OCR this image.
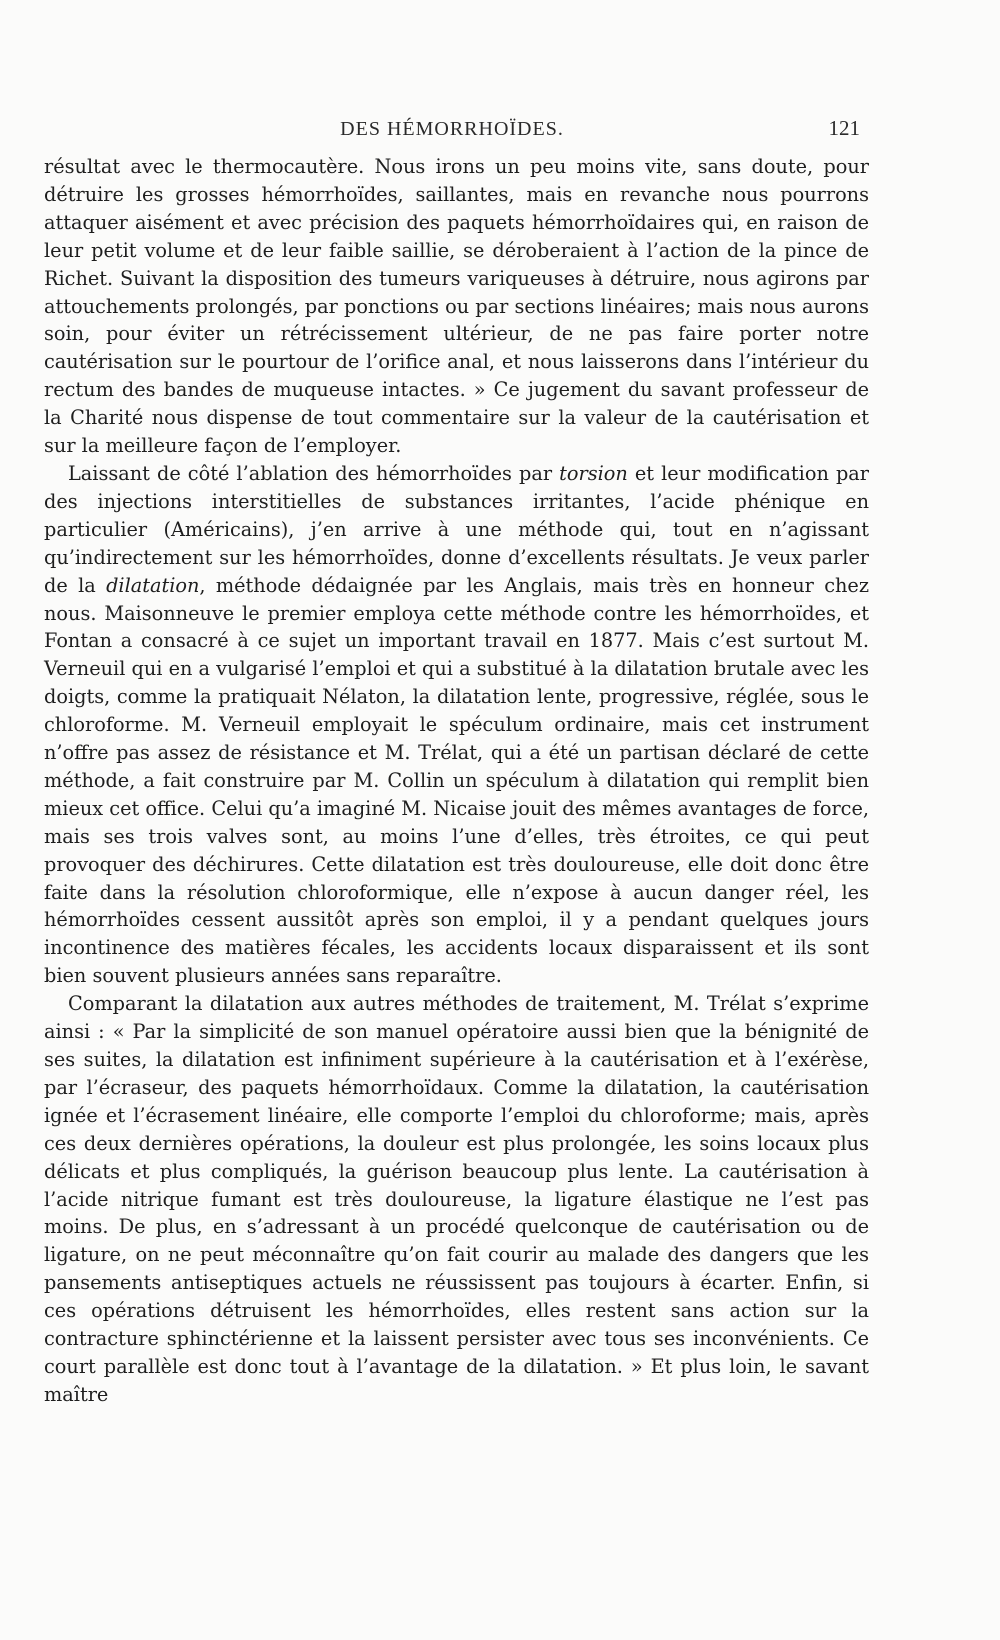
DES HÉMORRHOÏDES.	121

résultat avec le thermocautère. Nous irons un peu moins vite, sans doute, pour détruire les grosses hémorrhoïdes, saillantes, mais en revanche nous pourrons attaquer aisément et avec précision des paquets hémorrhoïdaires qui, en raison de leur petit volume et de leur faible saillie, se déroberaient à l’action de la pince de Richet. Suivant la disposition des tumeurs variqueuses à détruire, nous agirons par attouchements prolongés, par ponctions ou par sections linéaires; mais nous aurons soin, pour éviter un rétrécissement ultérieur, de ne pas faire porter notre cautérisation sur le pourtour de l’orifice anal, et nous laisserons dans l’intérieur du rectum des bandes de muqueuse intactes. » Ce jugement du savant professeur de la Charité nous dispense de tout commentaire sur la valeur de la cautérisation et sur la meilleure façon de l’employer.

Laissant de côté l’ablation des hémorrhoïdes par torsion et leur modification par des injections interstitielles de substances irritantes, l’acide phénique en particulier (Américains), j’en arrive à une méthode qui, tout en n’agissant qu’indirectement sur les hémorrhoïdes, donne d’excellents résultats. Je veux parler de la dilatation, méthode dédaignée par les Anglais, mais très en honneur chez nous. Maisonneuve le premier employa cette méthode contre les hémorrhoïdes, et Fontan a consacré à ce sujet un important travail en 1877. Mais c’est surtout M. Verneuil qui en a vulgarisé l’emploi et qui a substitué à la dilatation brutale avec les doigts, comme la pratiquait Nélaton, la dilatation lente, progressive, réglée, sous le chloroforme. M. Verneuil employait le spéculum ordinaire, mais cet instrument n’offre pas assez de résistance et M. Trélat, qui a été un partisan déclaré de cette méthode, a fait construire par M. Collin un spéculum à dilatation qui remplit bien mieux cet office. Celui qu’a imaginé M. Nicaise jouit des mêmes avantages de force, mais ses trois valves sont, au moins l’une d’elles, très étroites, ce qui peut provoquer des déchirures. Cette dilatation est très douloureuse, elle doit donc être faite dans la résolution chloroformique, elle n’expose à aucun danger réel, les hémorrhoïdes cessent aussitôt après son emploi, il y a pendant quelques jours incontinence des matières fécales, les accidents locaux disparaissent et ils sont bien souvent plusieurs années sans reparaître.

Comparant la dilatation aux autres méthodes de traitement, M. Trélat s’exprime ainsi : « Par la simplicité de son manuel opératoire aussi bien que la bénignité de ses suites, la dilatation est infiniment supérieure à la cautérisation et à l’exérèse, par l’écraseur, des paquets hémorrhoïdaux. Comme la dilatation, la cautérisation ignée et l’écrasement linéaire, elle comporte l’emploi du chloroforme; mais, après ces deux dernières opérations, la douleur est plus prolongée, les soins locaux plus délicats et plus compliqués, la guérison beaucoup plus lente. La cautérisation à l’acide nitrique fumant est très douloureuse, la ligature élastique ne l’est pas moins. De plus, en s’adressant à un procédé quelconque de cautérisation ou de ligature, on ne peut méconnaître qu’on fait courir au malade des dangers que les pansements antiseptiques actuels ne réussissent pas toujours à écarter. Enfin, si ces opérations détruisent les hémorrhoïdes, elles restent sans action sur la contracture sphinctérienne et la laissent persister avec tous ses inconvénients. Ce court parallèle est donc tout à l’avantage de la dilatation. » Et plus loin, le savant maître
